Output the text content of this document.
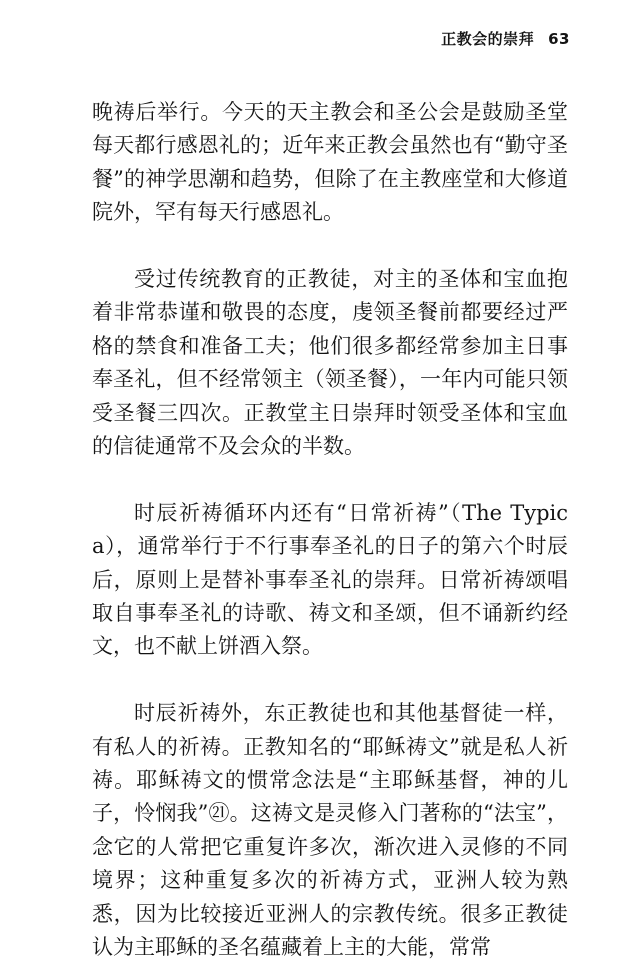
正教会的崇拜 63

晚祷后举行。今天的天主教会和圣公会是鼓励圣堂每天都行感恩礼的；近年来正教会虽然也有“勤守圣餐”的神学思潮和趋势，但除了在主教座堂和大修道院外，罕有每天行感恩礼。

受过传统教育的正教徒，对主的圣体和宝血抱着非常恭谨和敬畏的态度，虔领圣餐前都要经过严格的禁食和准备工夫；他们很多都经常参加主日事奉圣礼，但不经常领主（领圣餐），一年内可能只领受圣餐三四次。正教堂主日崇拜时领受圣体和宝血的信徒通常不及会众的半数。

时辰祈祷循环内还有“日常祈祷”（The Typica），通常举行于不行事奉圣礼的日子的第六个时辰后，原则上是替补事奉圣礼的崇拜。日常祈祷颂唱取自事奉圣礼的诗歌、祷文和圣颂，但不诵新约经文，也不献上饼酒入祭。

时辰祈祷外，东正教徒也和其他基督徒一样，有私人的祈祷。正教知名的“耶稣祷文”就是私人祈祷。耶稣祷文的惯常念法是“主耶稣基督，神的儿子，怜悯我”㉑。这祷文是灵修入门著称的“法宝”，念它的人常把它重复许多次，渐次进入灵修的不同境界；这种重复多次的祈祷方式，亚洲人较为熟悉，因为比较接近亚洲人的宗教传统。很多正教徒认为主耶稣的圣名蕴藏着上主的大能，常常
